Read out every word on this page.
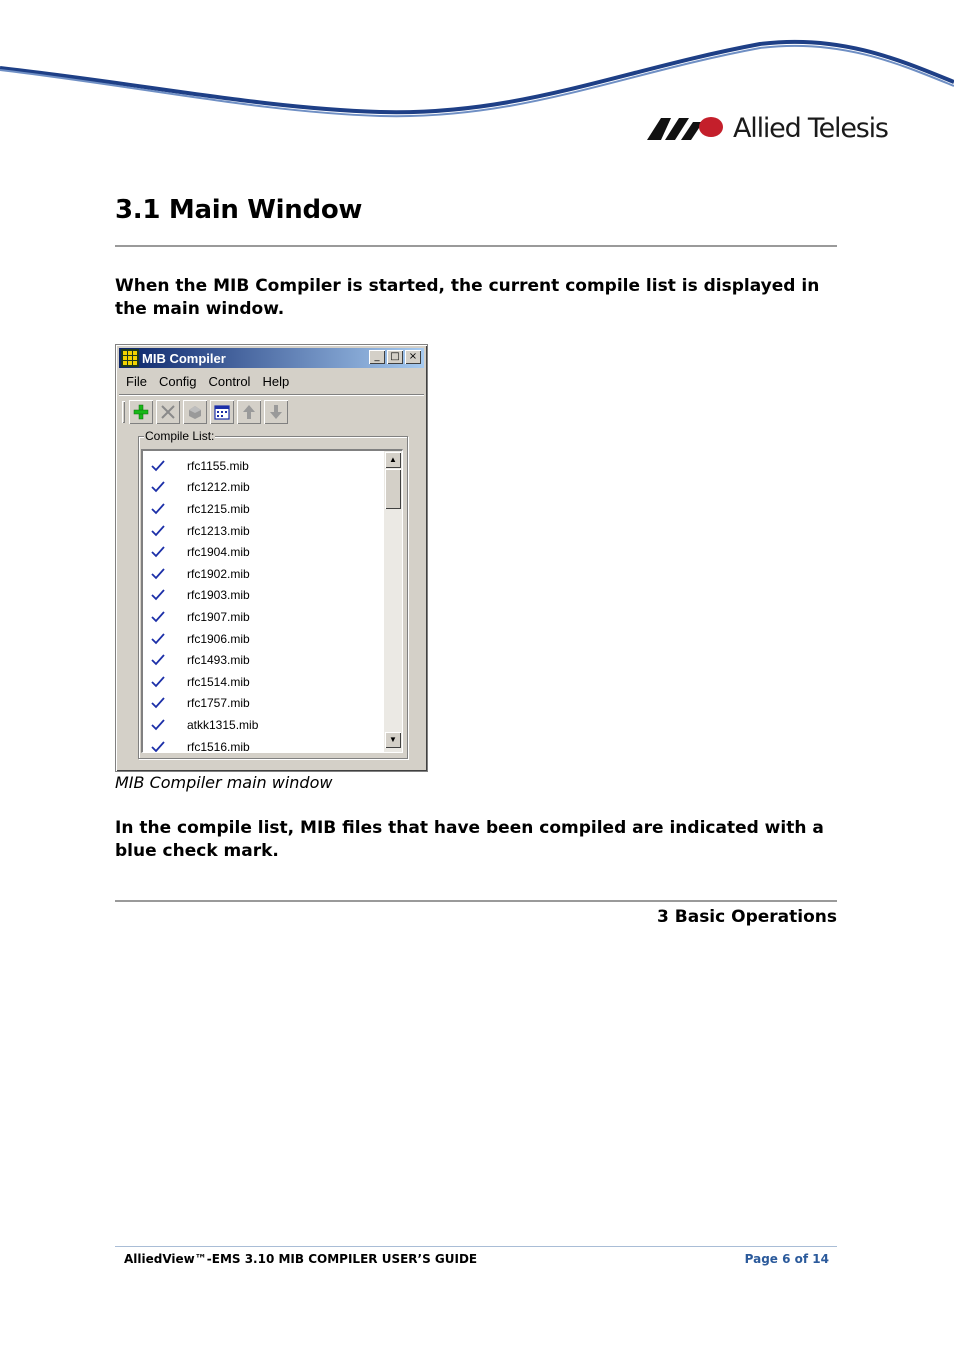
Allied Telesis
3.1 Main Window

When the MIB Compiler is started, the current compile list is displayed in the main window.

MIB Compiler	_	□ ×
File Config Control Help
Compile List:
rfc1155.mib
rfc1212.mib
rfc1215.mib
rfc1213.mib
rfc1904.mib
rfc1902.mib
rfc1903.mib
rfc1907.mib
rfc1906.mib
rfc1493.mib
rfc1514.mib
rfc1757.mib
atkk1315.mib
rfc1516.mib
▲
▼

MIB Compiler main window

In the compile list, MIB files that have been compiled are indicated with a blue check mark.

3 Basic Operations
AlliedView™-EMS 3.10 MIB COMPILER USER’S GUIDE	Page 6 of 14
